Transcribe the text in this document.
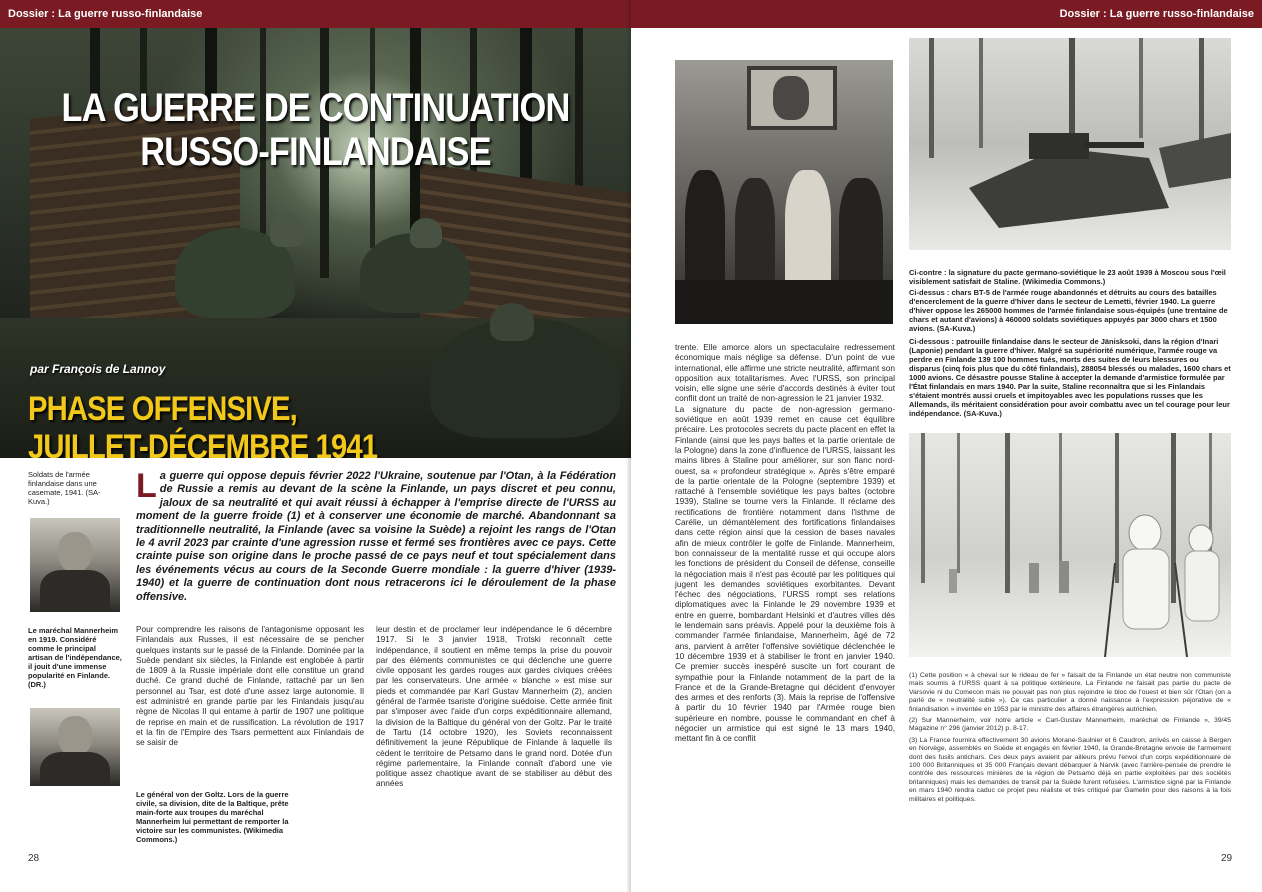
Dossier : La guerre russo-finlandaise
LA GUERRE DE CONTINUATION
RUSSO-FINLANDAISE
par François de Lannoy
PHASE OFFENSIVE,
JUILLET-DÉCEMBRE 1941
Soldats de l'armée finlandaise dans une casemate, 1941. (SA-Kuva.)
Le maréchal Mannerheim en 1919. Considéré comme le principal artisan de l'indépendance, il jouit d'une immense popularité en Finlande. (DR.)
Le général von der Goltz. Lors de la guerre civile, sa division, dite de la Baltique, prête main-forte aux troupes du maréchal Mannerheim lui permettant de remporter la victoire sur les communistes. (Wikimedia Commons.)
La guerre qui oppose depuis février 2022 l'Ukraine, soutenue par l'Otan, à la Fédération de Russie a remis au devant de la scène la Finlande, un pays discret et peu connu, jaloux de sa neutralité et qui avait réussi à échapper à l'emprise directe de l'URSS au moment de la guerre froide (1) et à conserver une économie de marché. Abandonnant sa traditionnelle neutralité, la Finlande (avec sa voisine la Suède) a rejoint les rangs de l'Otan le 4 avril 2023 par crainte d'une agression russe et fermé ses frontières avec ce pays. Cette crainte puise son origine dans le proche passé de ce pays neuf et tout spécialement dans les événements vécus au cours de la Seconde Guerre mondiale : la guerre d'hiver (1939-1940) et la guerre de continuation dont nous retracerons ici le déroulement de la phase offensive.
Pour comprendre les raisons de l'antagonisme opposant les Finlandais aux Russes, il est nécessaire de se pencher quelques instants sur le passé de la Finlande. Dominée par la Suède pendant six siècles, la Finlande est englobée à partir de 1809 à la Russie impériale dont elle constitue un grand duché. Ce grand duché de Finlande, rattaché par un lien personnel au Tsar, est doté d'une assez large autonomie. Il est administré en grande partie par les Finlandais jusqu'au règne de Nicolas II qui entame à partir de 1907 une politique de reprise en main et de russification. La révolution de 1917 et la fin de l'Empire des Tsars permettent aux Finlandais de se saisir de
leur destin et de proclamer leur indépendance le 6 décembre 1917. Si le 3 janvier 1918, Trotski reconnaît cette indépendance, il soutient en même temps la prise du pouvoir par des éléments communistes ce qui déclenche une guerre civile opposant les gardes rouges aux gardes civiques créées par les conservateurs. Une armée « blanche » est mise sur pieds et commandée par Karl Gustav Mannerheim (2), ancien général de l'armée tsariste d'origine suédoise. Cette armée finit par s'imposer avec l'aide d'un corps expéditionnaire allemand, la division de la Baltique du général von der Goltz. Par le traité de Tartu (14 octobre 1920), les Soviets reconnaissent définitivement la jeune République de Finlande à laquelle ils cèdent le territoire de Petsamo dans le grand nord. Dotée d'un régime parlementaire, la Finlande connaît d'abord une vie politique assez chaotique avant de se stabiliser au début des années
28
Dossier : La guerre russo-finlandaise
Ci-contre : la signature du pacte germano-soviétique le 23 août 1939 à Moscou sous l'œil visiblement satisfait de Staline. (Wikimedia Commons.)
Ci-dessus : chars BT-5 de l'armée rouge abandonnés et détruits au cours des batailles d'encerclement de la guerre d'hiver dans le secteur de Lemetti, février 1940. La guerre d'hiver oppose les 265000 hommes de l'armée finlandaise sous-équipés (une trentaine de chars et autant d'avions) à 460000 soldats soviétiques appuyés par 3000 chars et 1500 avions. (SA-Kuva.)
Ci-dessous : patrouille finlandaise dans le secteur de Jänisksoki, dans la région d'Inari (Laponie) pendant la guerre d'hiver. Malgré sa supériorité numérique, l'armée rouge va perdre en Finlande 139 100 hommes tués, morts des suites de leurs blessures ou disparus (cinq fois plus que du côté finlandais), 288054 blessés ou malades, 1600 chars et 1000 avions. Ce désastre pousse Staline à accepter la demande d'armistice formulée par l'État finlandais en mars 1940. Par la suite, Staline reconnaîtra que si les Finlandais s'étaient montrés aussi cruels et impitoyables avec les populations russes que les Allemands, ils méritaient considération pour avoir combattu avec un tel courage pour leur indépendance. (SA-Kuva.)
trente. Elle amorce alors un spectaculaire redressement économique mais néglige sa défense. D'un point de vue international, elle affirme une stricte neutralité, affirmant son opposition aux totalitarismes. Avec l'URSS, son principal voisin, elle signe une série d'accords destinés à éviter tout conflit dont un traité de non-agression le 21 janvier 1932.
La signature du pacte de non-agression germano-soviétique en août 1939 remet en cause cet équilibre précaire. Les protocoles secrets du pacte placent en effet la Finlande (ainsi que les pays baltes et la partie orientale de la Pologne) dans la zone d'influence de l'URSS, laissant les mains libres à Staline pour améliorer, sur son flanc nord-ouest, sa « profondeur stratégique ». Après s'être emparé de la partie orientale de la Pologne (septembre 1939) et rattaché à l'ensemble soviétique les pays baltes (octobre 1939), Staline se tourne vers la Finlande. Il réclame des rectifications de frontière notamment dans l'isthme de Carélie, un démantèlement des fortifications finlandaises dans cette région ainsi que la cession de bases navales afin de mieux contrôler le golfe de Finlande. Mannerheim, bon connaisseur de la mentalité russe et qui occupe alors les fonctions de président du Conseil de défense, conseille la négociation mais il n'est pas écouté par les politiques qui jugent les demandes soviétiques exorbitantes. Devant l'échec des négociations, l'URSS rompt ses relations diplomatiques avec la Finlande le 29 novembre 1939 et entre en guerre, bombardant Helsinki et d'autres villes dès le lendemain sans préavis. Appelé pour la deuxième fois à commander l'armée finlandaise, Mannerheim, âgé de 72 ans, parvient à arrêter l'offensive soviétique déclenchée le 10 décembre 1939 et à stabiliser le front en janvier 1940. Ce premier succès inespéré suscite un fort courant de sympathie pour la Finlande notamment de la part de la France et de la Grande-Bretagne qui décident d'envoyer des armes et des renforts (3). Mais la reprise de l'offensive à partir du 10 février 1940 par l'Armée rouge bien supérieure en nombre, pousse le commandant en chef à négocier un armistice qui est signé le 13 mars 1940, mettant fin à ce conflit

(1) Cette position « à cheval sur le rideau de fer » faisait de la Finlande un état neutre non communiste mais soumis à l'URSS quant à sa politique extérieure. La Finlande ne faisait pas partie du pacte de Varsovie ni du Comecon mais ne pouvait pas non plus rejoindre le bloc de l'ouest et bien sûr l'Otan (on a parlé de « neutralité subie »). Ce cas particulier a donné naissance à l'expression péjorative de « finlandisation » inventée en 1953 par le ministre des affaires étrangères autrichien.

(2) Sur Mannerheim, voir notre article « Carl-Gustav Mannerheim, maréchal de Finlande », 39/45 Magazine n° 296 (janvier 2012) p. 8-17.

(3) La France fournira effectivement 30 avions Morane-Saulnier et 6 Caudron, arrivés en caisse à Bergen en Norvège, assemblés en Suède et engagés en février 1940, la Grande-Bretagne envoie de l'armement dont des fusils antichars. Ces deux pays avaient par ailleurs prévu l'envoi d'un corps expéditionnaire de 100 000 Britanniques et 35 000 Français devant débarquer à Narvik (avec l'arrière-pensée de prendre le contrôle des ressources minières de la région de Petsamo déjà en partie exploitées par des sociétés britanniques) mais les demandes de transit par la Suède furent refusées. L'armistice signé par la Finlande en mars 1940 rendra caduc ce projet peu réaliste et très critiqué par Gamelin pour des raisons à la fois militaires et politiques.

29
